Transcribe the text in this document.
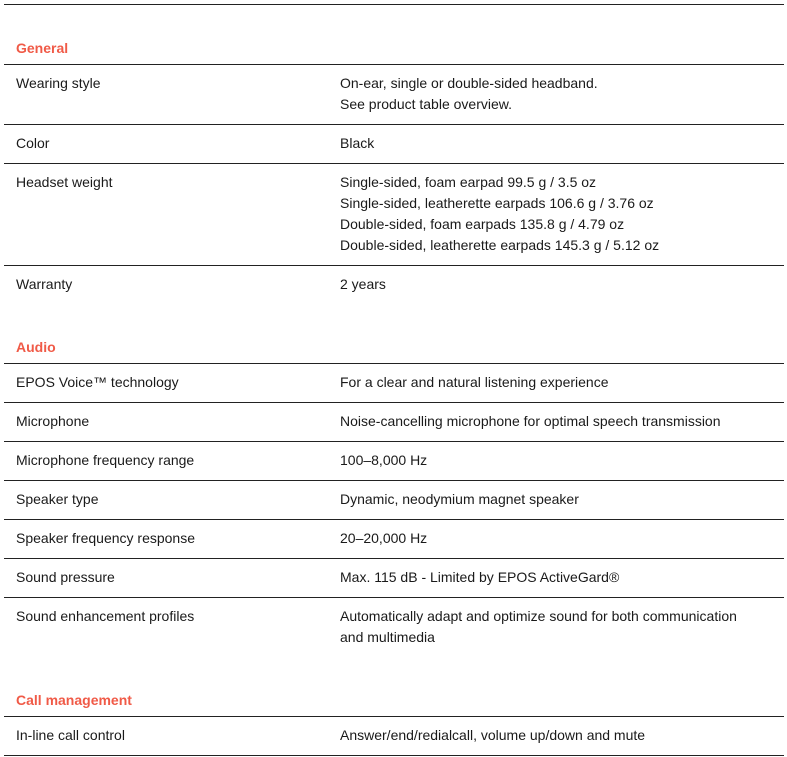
General
Wearing style	On-ear, single or double-sided headband.
See product table overview.
Color	Black
Headset weight	Single-sided, foam earpad 99.5 g / 3.5 oz
Single-sided, leatherette earpads 106.6 g / 3.76 oz
Double-sided, foam earpads 135.8 g / 4.79 oz
Double-sided, leatherette earpads 145.3 g / 5.12 oz
Warranty	2 years
Audio
EPOS Voice™ technology	For a clear and natural listening experience
Microphone	Noise-cancelling microphone for optimal speech transmission
Microphone frequency range	100–8,000 Hz
Speaker type	Dynamic, neodymium magnet speaker
Speaker frequency response	20–20,000 Hz
Sound pressure	Max. 115 dB - Limited by EPOS ActiveGard®
Sound enhancement profiles	Automatically adapt and optimize sound for both communication
and multimedia
Call management
In-line call control	Answer/end/redialcall, volume up/down and mute
